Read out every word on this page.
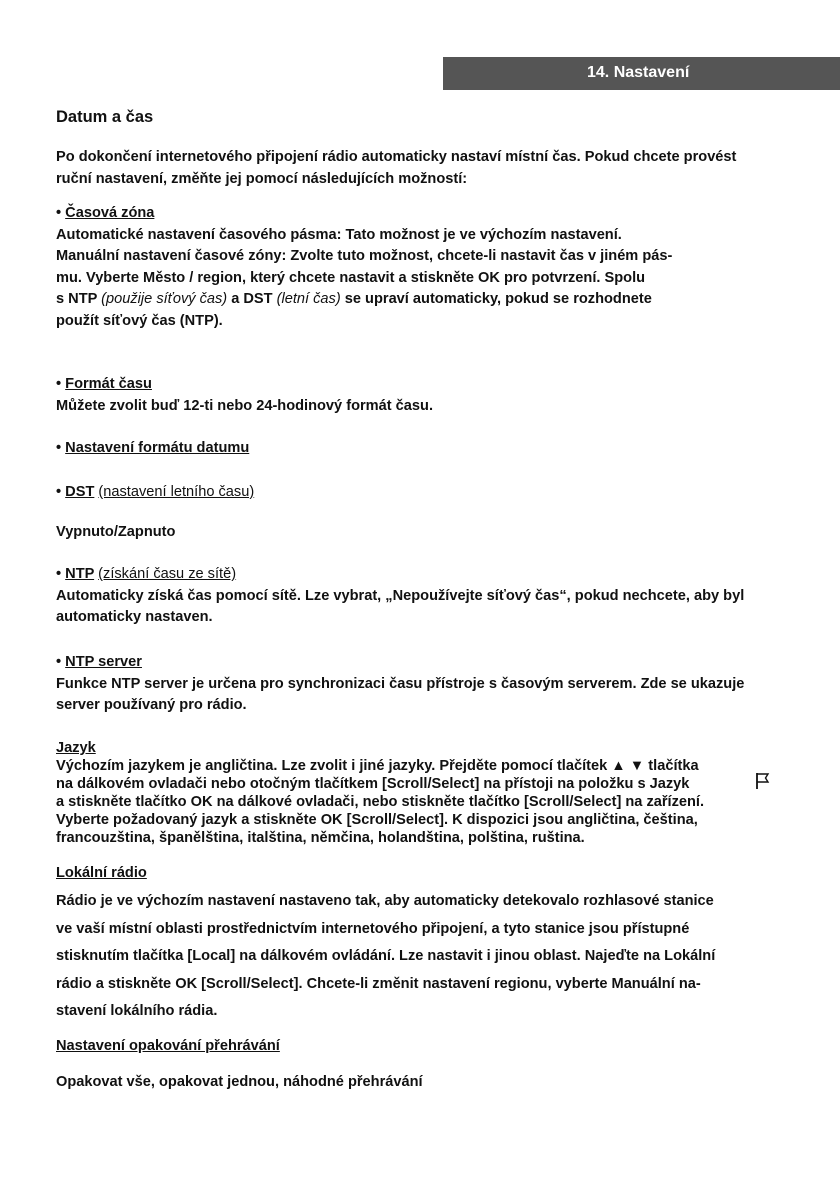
14. Nastavení

Datum a čas

Po dokončení internetového připojení rádio automaticky nastaví místní čas. Pokud chcete provést ruční nastavení, změňte jej pomocí následujících možností:

• Časová zóna
Automatické nastavení časového pásma: Tato možnost je ve výchozím nastavení.
Manuální nastavení časové zóny: Zvolte tuto možnost, chcete-li nastavit čas v jiném pás-
mu. Vyberte Město / region, který chcete nastavit a stiskněte OK pro potvrzení. Spolu
s NTP (použije síťový čas) a DST (letní čas) se upraví automaticky, pokud se rozhodnete
použít síťový čas (NTP).
• Formát času
Můžete zvolit buď 12-ti nebo 24-hodinový formát času.
• Nastavení formátu datumu
• DST (nastavení letního času)
Vypnuto/Zapnuto
• NTP (získání času ze sítě)
Automaticky získá čas pomocí sítě. Lze vybrat, „Nepoužívejte síťový čas“, pokud nechcete, aby byl automaticky nastaven.
• NTP server
Funkce NTP server je určena pro synchronizaci času přístroje s časovým serverem. Zde se ukazuje server používaný pro rádio.
Jazyk
Výchozím jazykem je angličtina. Lze zvolit i jiné jazyky. Přejděte pomocí tlačítek ▲ ▼ tlačítka
na dálkovém ovladači nebo otočným tlačítkem [Scroll/Select] na přístoji na položku s Jazyk
a stiskněte tlačítko OK na dálkové ovladači, nebo stiskněte tlačítko [Scroll/Select] na zařízení.
Vyberte požadovaný jazyk a stiskněte OK [Scroll/Select]. K dispozici jsou angličtina, čeština,
francouzština, španělština, italština, němčina, holandština, polština, ruština.
Lokální rádio
Rádio je ve výchozím nastavení nastaveno tak, aby automaticky detekovalo rozhlasové stanice
ve vaší místní oblasti prostřednictvím internetového připojení, a tyto stanice jsou přístupné
stisknutím tlačítka [Local] na dálkovém ovládání. Lze nastavit i jinou oblast. Najeďte na Lokální
rádio a stiskněte OK [Scroll/Select]. Chcete-li změnit nastavení regionu, vyberte Manuální na-
stavení lokálního rádia.
Nastavení opakování přehrávání
Opakovat vše, opakovat jednou, náhodné přehrávání
